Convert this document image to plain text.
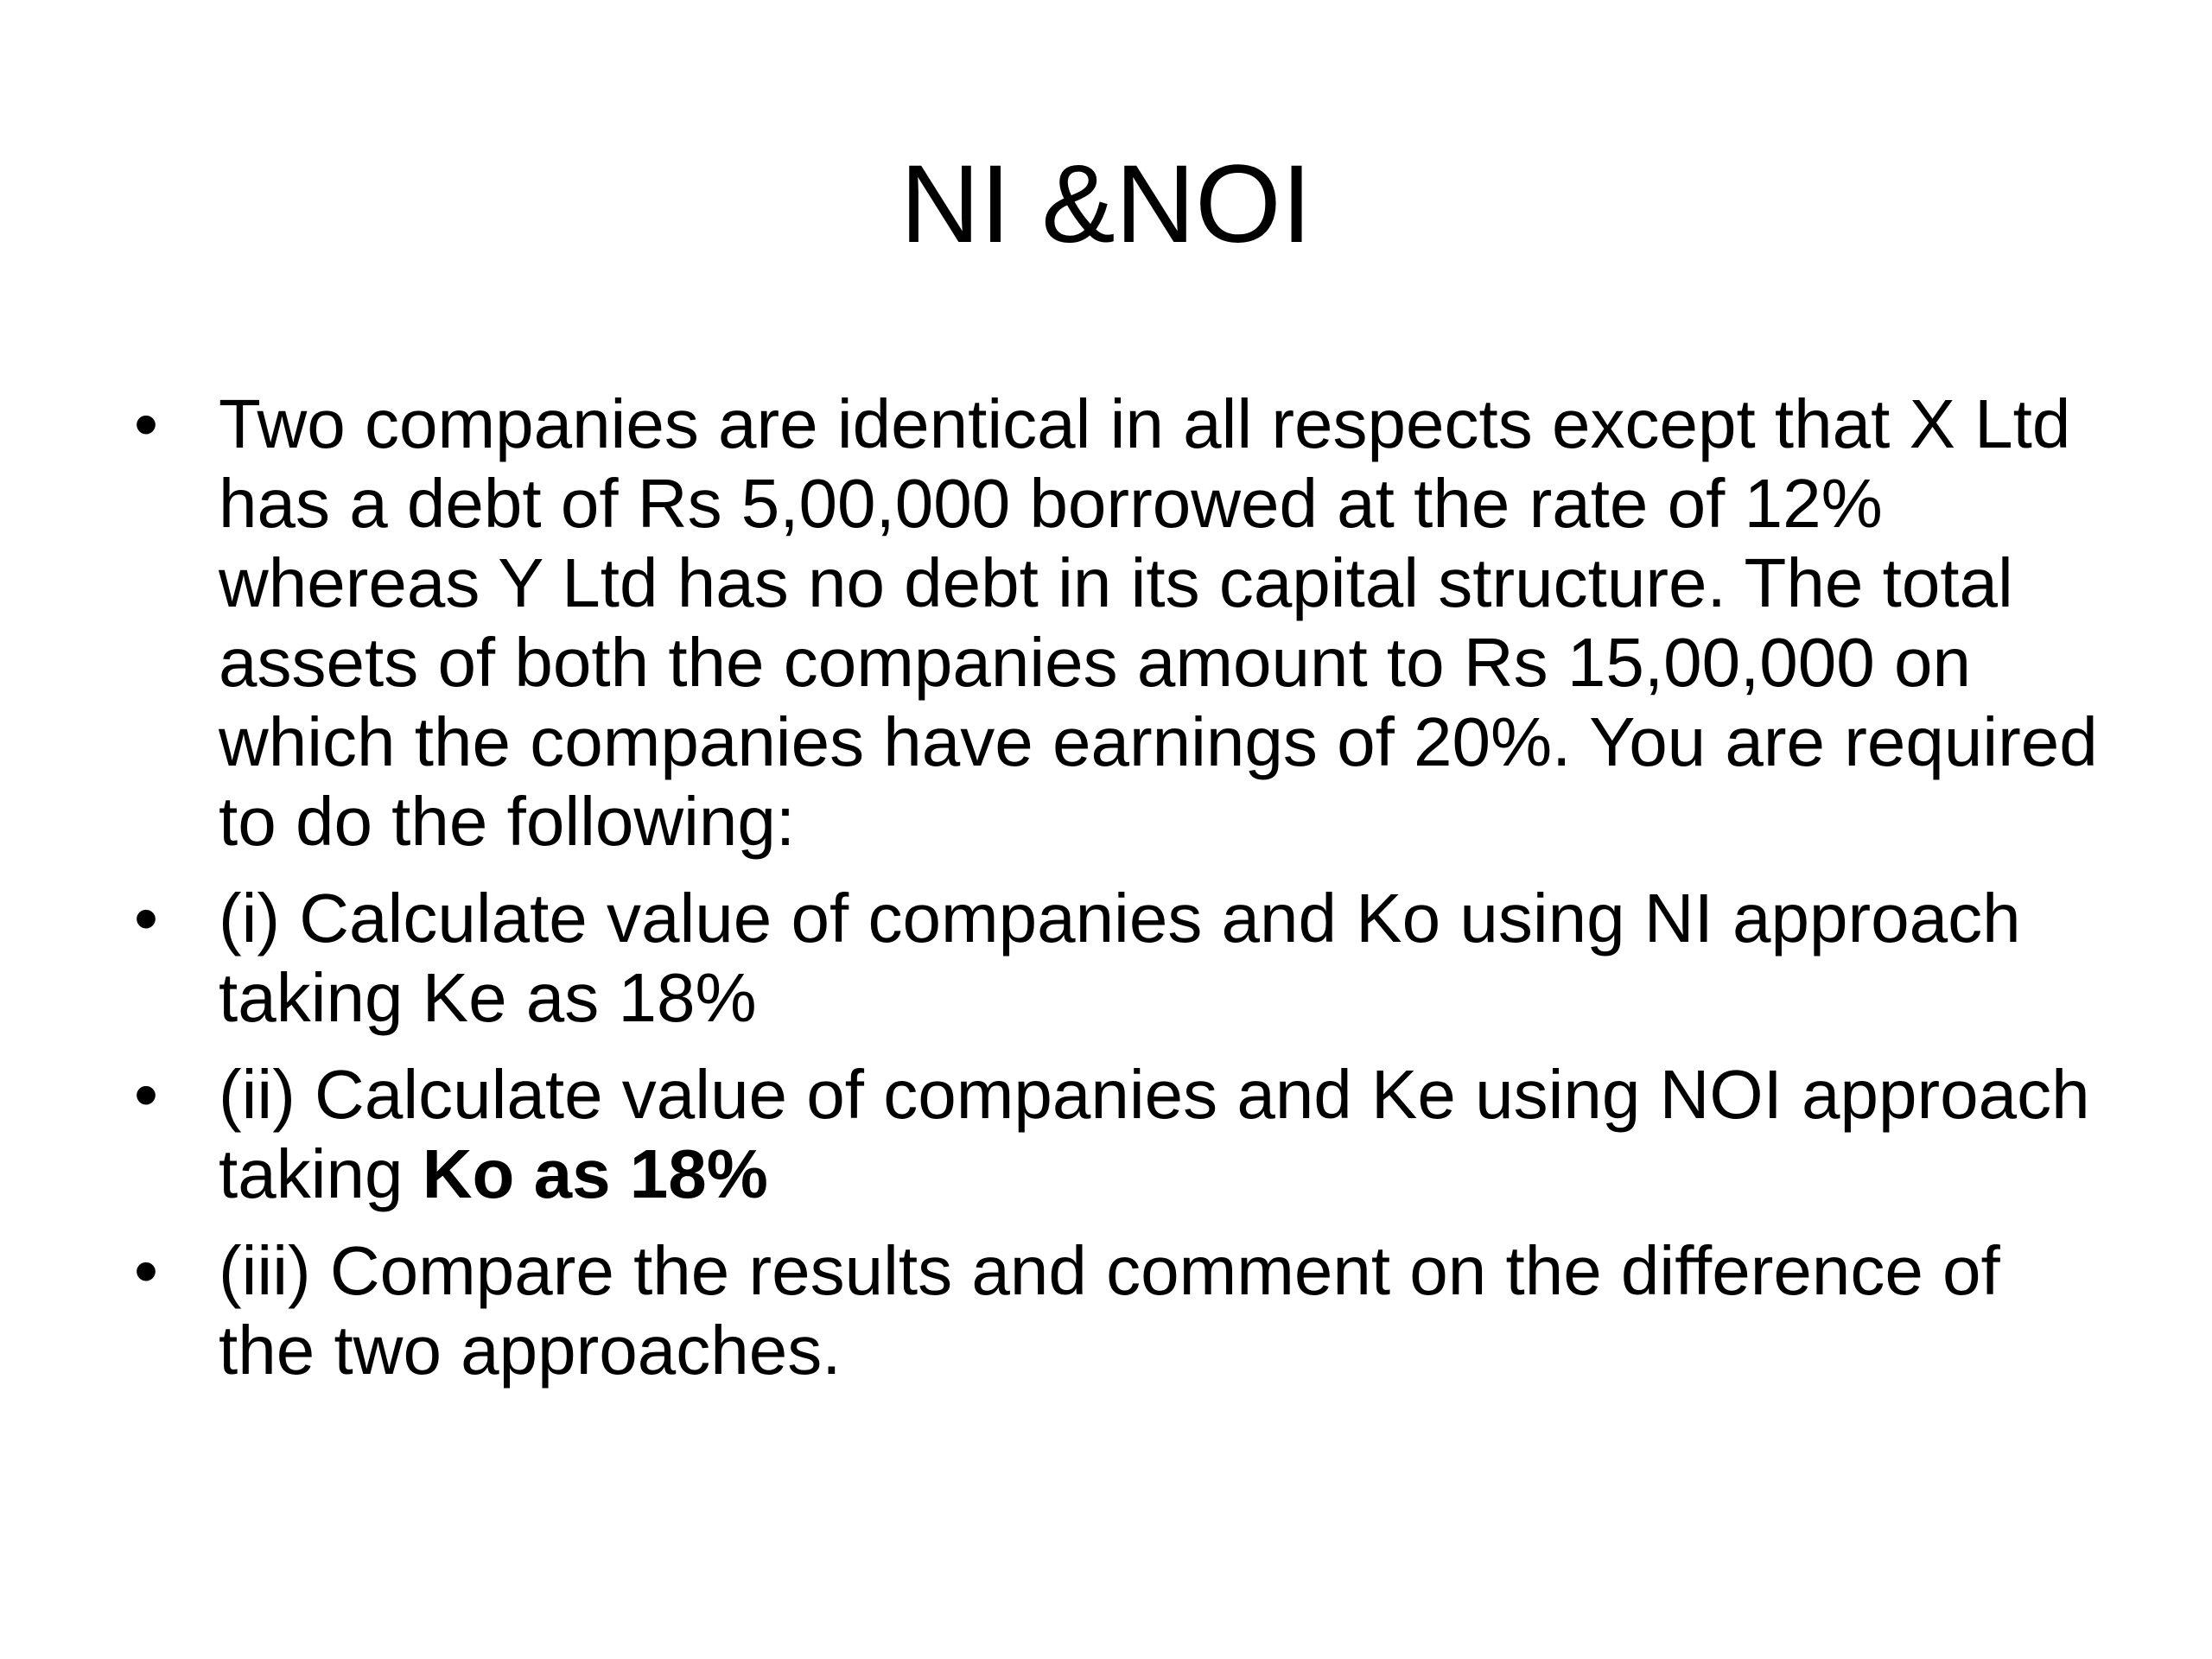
NI &NOI
• Two companies are identical in all respects except that X Ltd has a debt of Rs 5,00,000 borrowed at the rate of 12% whereas Y Ltd has no debt in its capital structure. The total assets of both the companies amount to Rs 15,00,000 on which the companies have earnings of 20%. You are required to do the following:
• (i) Calculate value of companies and Ko using NI approach taking Ke as 18%
• (ii) Calculate value of companies and Ke using NOI approach taking Ko as 18%
• (iii) Compare the results and comment on the difference of the two approaches.
